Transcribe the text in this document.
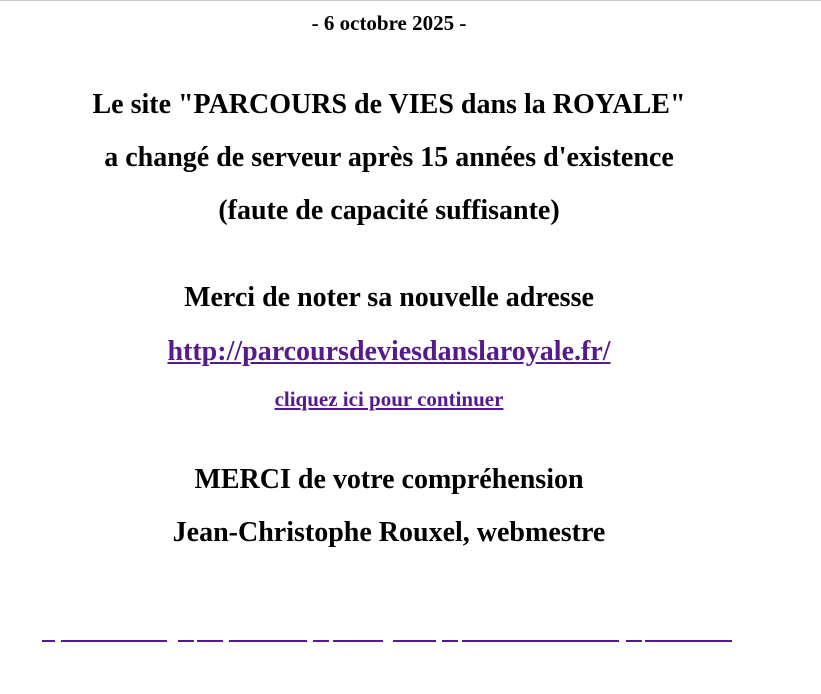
- 6 octobre 2025 -
Le site "PARCOURS de VIES dans la ROYALE"
a changé de serveur après 15 années d'existence
(faute de capacité suffisante)
Merci de noter sa nouvelle adresse
http://parcoursdeviesdanslaroyale.fr/
cliquez ici pour continuer
MERCI de votre compréhension
Jean-Christophe Rouxel, webmestre
